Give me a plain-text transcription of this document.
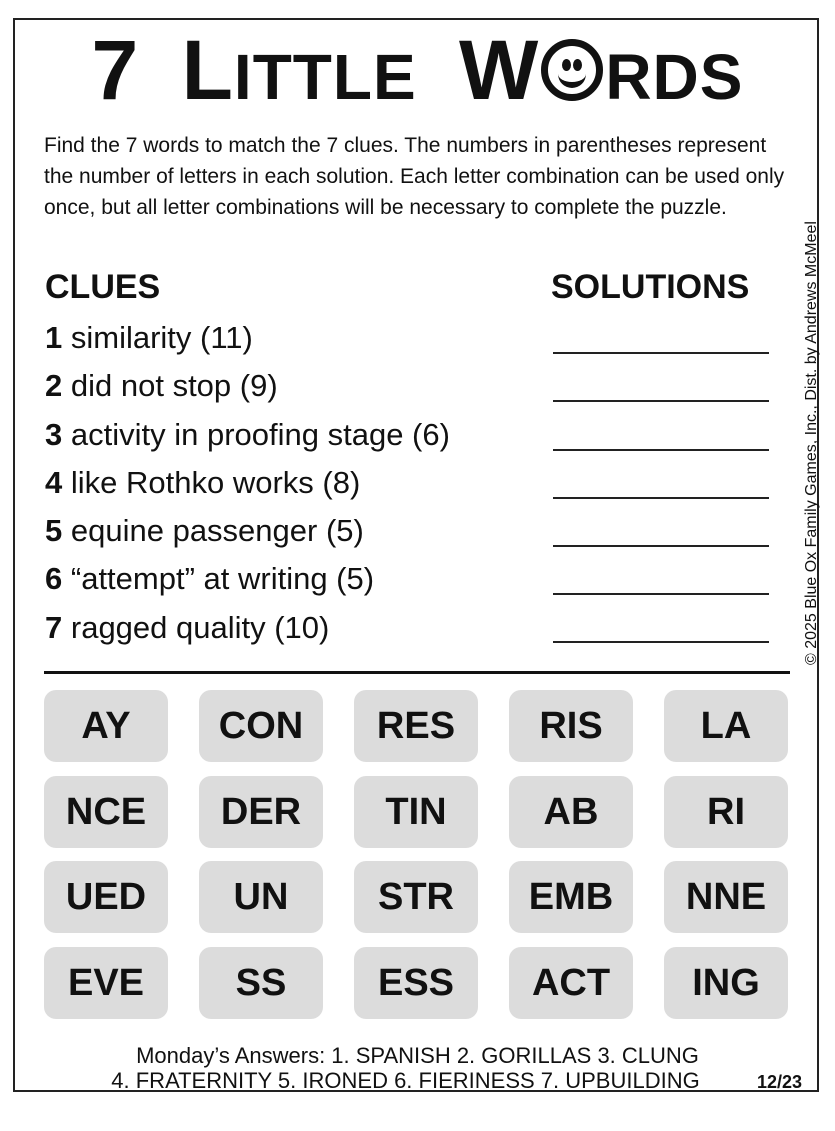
7 LITTLE W RDS
Find the 7 words to match the 7 clues. The numbers in parentheses represent the number of letters in each solution. Each letter combination can be used only once, but all letter combinations will be necessary to complete the puzzle.
© 2025 Blue Ox Family Games, Inc., Dist. by Andrews McMeel
CLUES	SOLUTIONS
1 similarity (11)
2 did not stop (9)
3 activity in proofing stage (6)
4 like Rothko works (8)
5 equine passenger (5)
6 “attempt” at writing (5)
7 ragged quality (10)
AY	CON	RES	RIS	LA
NCE	DER	TIN	AB	RI
UED	UN	STR	EMB	NNE
EVE	SS	ESS	ACT	ING
Monday’s Answers: 1. SPANISH 2. GORILLAS 3. CLUNG
4. FRATERNITY 5. IRONED 6. FIERINESS 7. UPBUILDING	12/23
